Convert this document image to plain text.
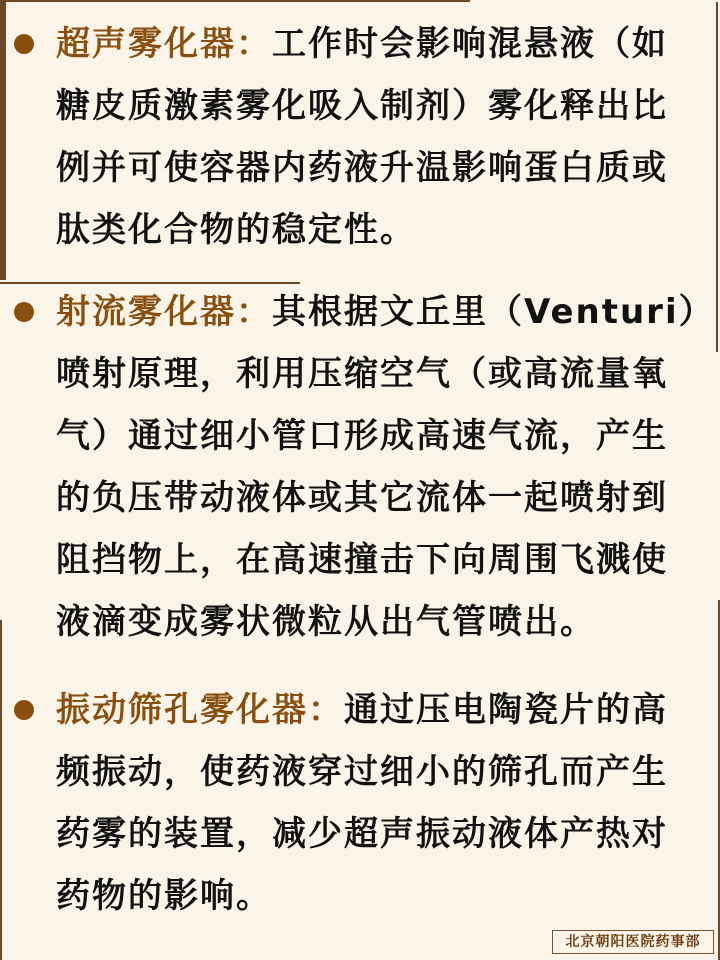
超声雾化器：工作时会影响混悬液（如
糖皮质激素雾化吸入制剂）雾化释出比
例并可使容器内药液升温影响蛋白质或
肽类化合物的稳定性。
射流雾化器：其根据文丘里（Venturi）
喷射原理，利用压缩空气（或高流量氧
气）通过细小管口形成高速气流，产生
的负压带动液体或其它流体一起喷射到
阻挡物上，在高速撞击下向周围飞溅使
液滴变成雾状微粒从出气管喷出。
振动筛孔雾化器：通过压电陶瓷片的高
频振动，使药液穿过细小的筛孔而产生
药雾的装置，减少超声振动液体产热对
药物的影响。
北京朝阳医院药事部
